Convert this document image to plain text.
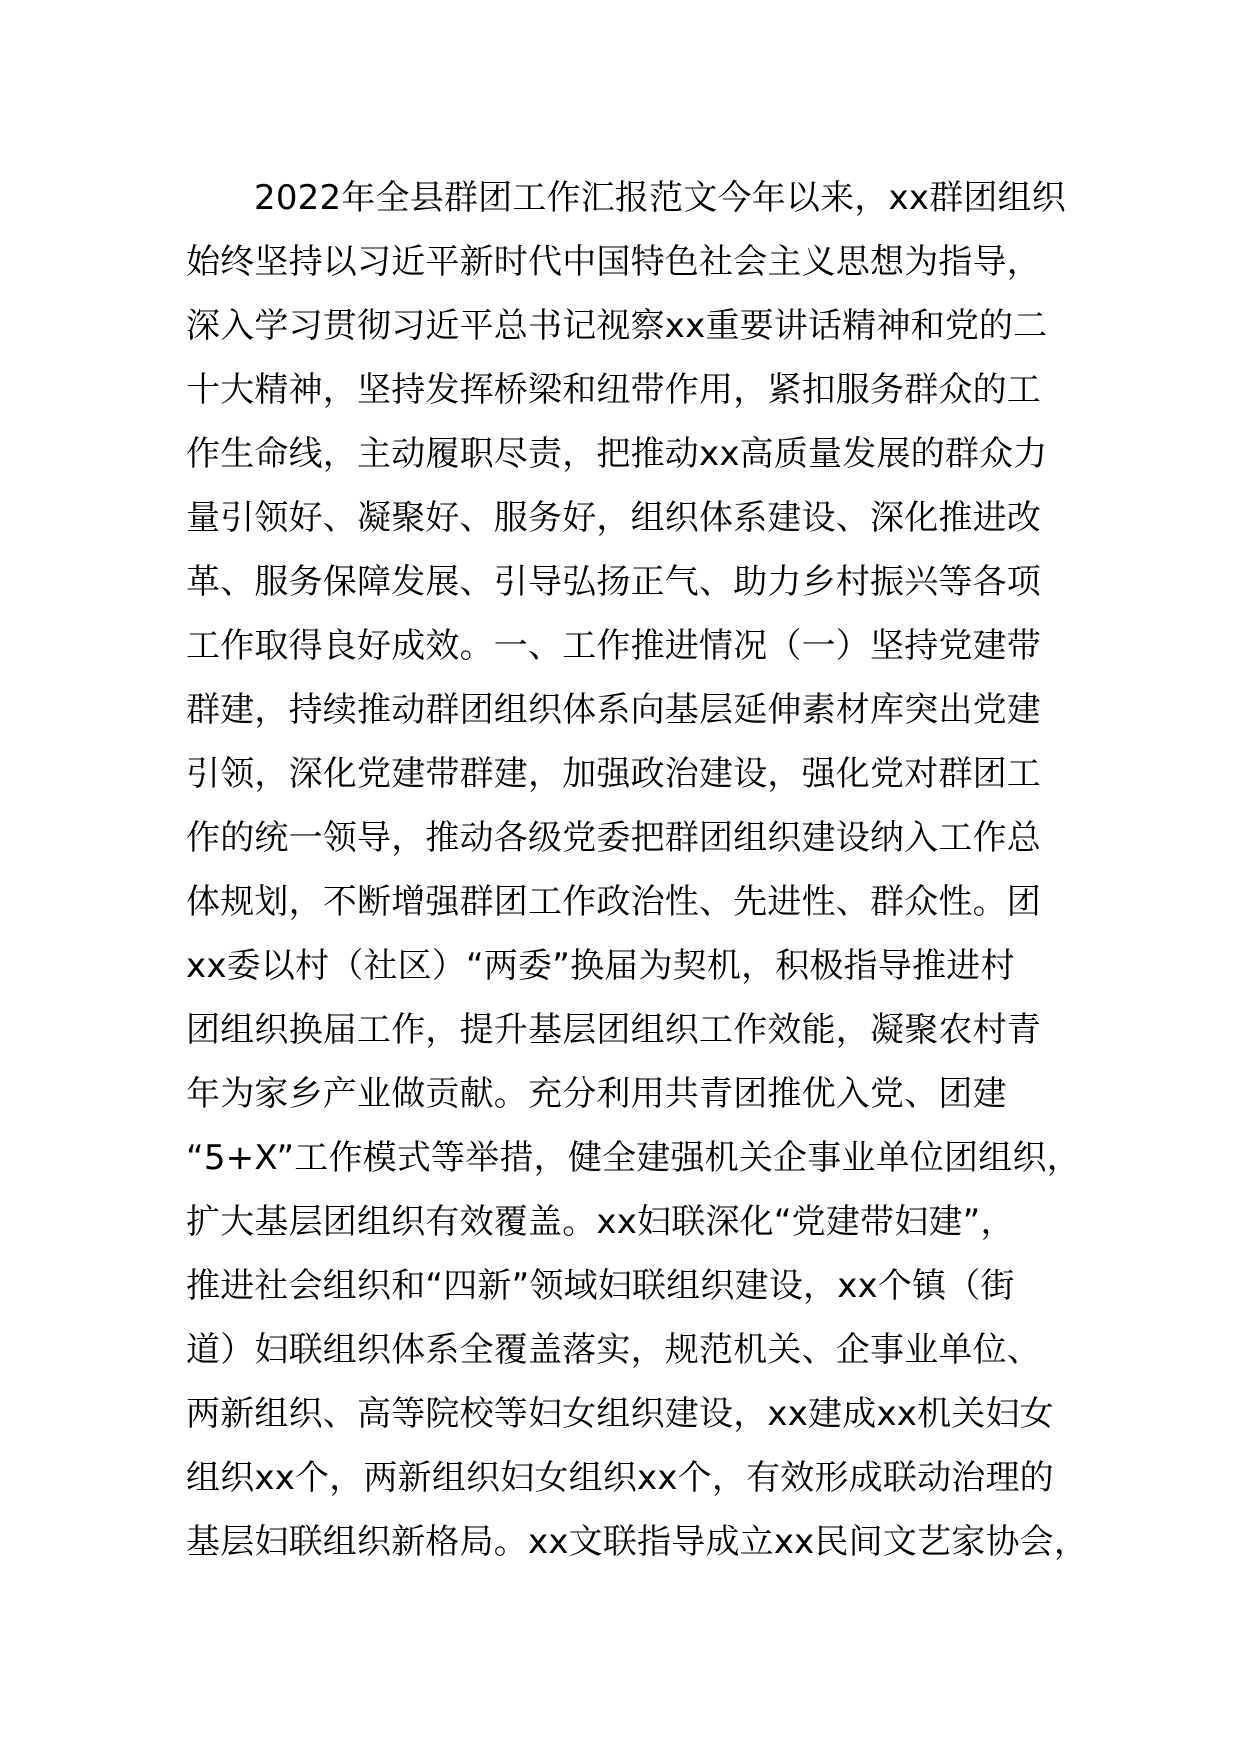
2022年全县群团工作汇报范文今年以来，xx群团组织
始终坚持以习近平新时代中国特色社会主义思想为指导，
深入学习贯彻习近平总书记视察xx重要讲话精神和党的二
十大精神，坚持发挥桥梁和纽带作用，紧扣服务群众的工
作生命线，主动履职尽责，把推动xx高质量发展的群众力
量引领好、凝聚好、服务好，组织体系建设、深化推进改
革、服务保障发展、引导弘扬正气、助力乡村振兴等各项
工作取得良好成效。一、工作推进情况（一）坚持党建带
群建，持续推动群团组织体系向基层延伸素材库突出党建
引领，深化党建带群建，加强政治建设，强化党对群团工
作的统一领导，推动各级党委把群团组织建设纳入工作总
体规划，不断增强群团工作政治性、先进性、群众性。团
xx委以村（社区）“两委”换届为契机，积极指导推进村
团组织换届工作，提升基层团组织工作效能，凝聚农村青
年为家乡产业做贡献。充分利用共青团推优入党、团建
“5+X”工作模式等举措，健全建强机关企事业单位团组织，
扩大基层团组织有效覆盖。xx妇联深化“党建带妇建”，
推进社会组织和“四新”领域妇联组织建设，xx个镇（街
道）妇联组织体系全覆盖落实，规范机关、企事业单位、
两新组织、高等院校等妇女组织建设，xx建成xx机关妇女
组织xx个，两新组织妇女组织xx个，有效形成联动治理的
基层妇联组织新格局。xx文联指导成立xx民间文艺家协会，
